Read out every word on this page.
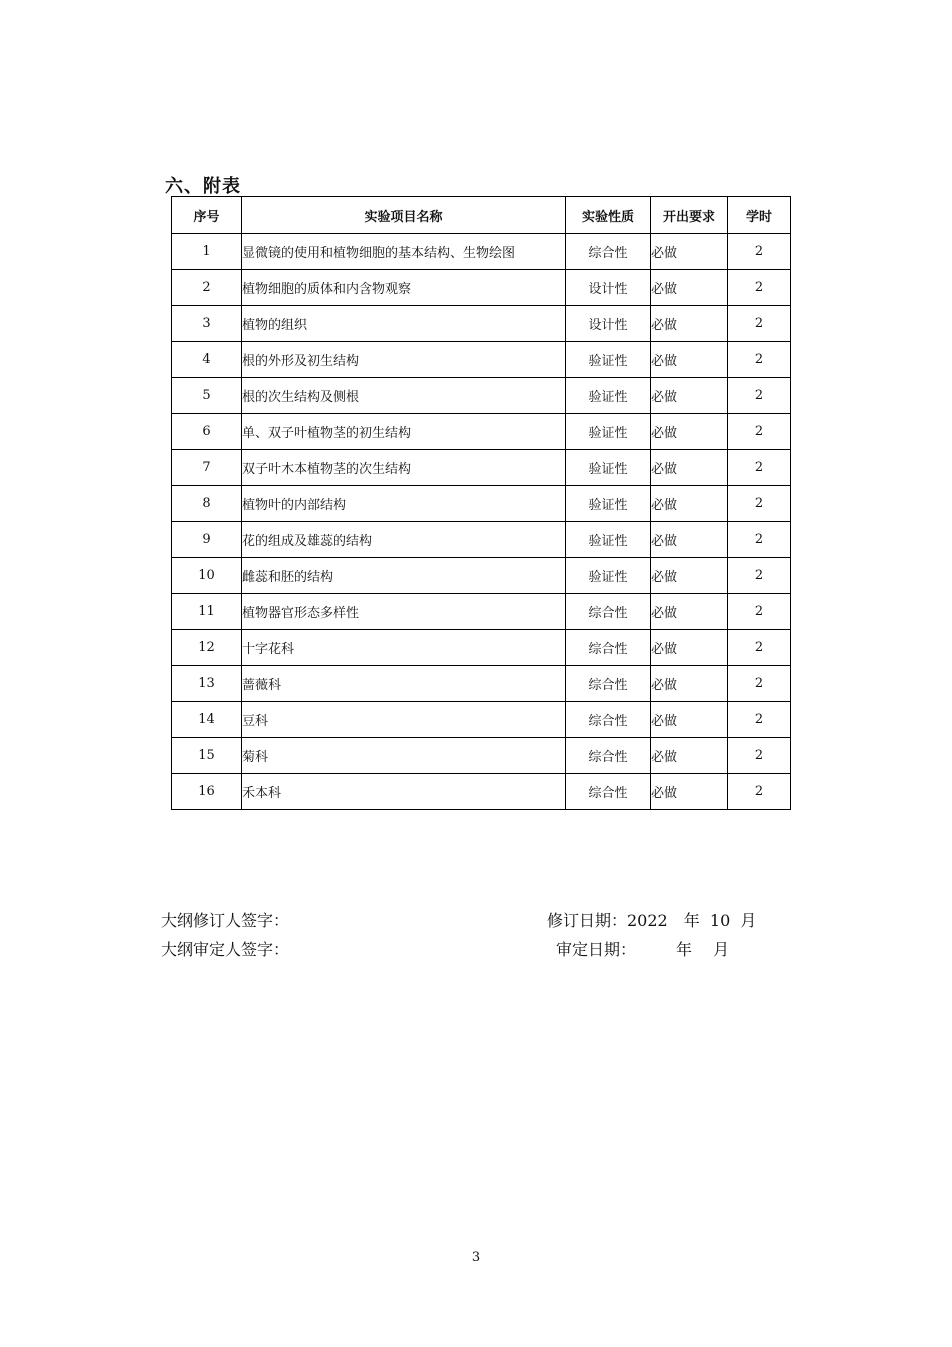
六、附表
序号	实验项目名称	实验性质	开出要求	学时
1	显微镜的使用和植物细胞的基本结构、生物绘图	综合性	必做	2
2	植物细胞的质体和内含物观察	设计性	必做	2
3	植物的组织	设计性	必做	2
4	根的外形及初生结构	验证性	必做	2
5	根的次生结构及侧根	验证性	必做	2
6	单、双子叶植物茎的初生结构	验证性	必做	2
7	双子叶木本植物茎的次生结构	验证性	必做	2
8	植物叶的内部结构	验证性	必做	2
9	花的组成及雄蕊的结构	验证性	必做	2
10	雌蕊和胚的结构	验证性	必做	2
11	植物器官形态多样性	综合性	必做	2
12	十字花科	综合性	必做	2
13	蔷薇科	综合性	必做	2
14	豆科	综合性	必做	2
15	菊科	综合性	必做	2
16	禾本科	综合性	必做	2
大纲修订人签字：	修订日期：2022　年  10  月
大纲审定人签字：	审定日期：　　　年　 月
3
